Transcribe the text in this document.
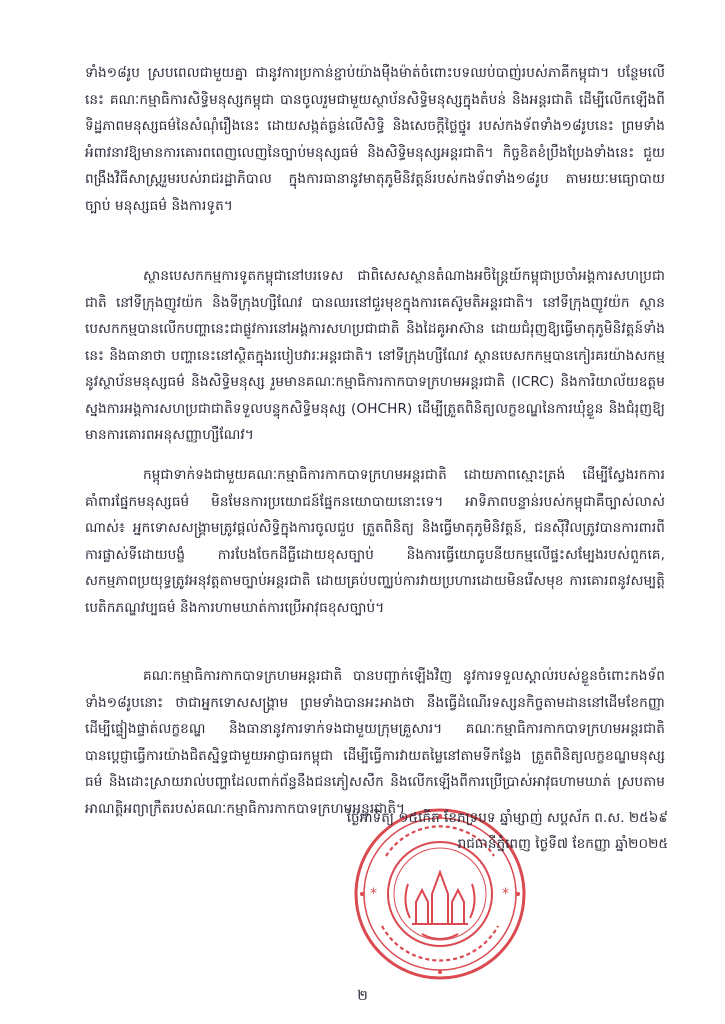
ទាំង១៨រូប ស្របពេលជាមួយគ្នា ជានូវការប្រកាន់ខ្ជាប់យ៉ាងម៉ឺងម៉ាត់ចំពោះបទឈប់បាញ់របស់ភាគីកម្ពុជា។ បន្ថែមលើនេះ គណៈកម្មាធិការសិទ្ធិមនុស្សកម្ពុជា បានចូលរួមជាមួយស្ថាប័នសិទ្ធិមនុស្សក្នុងតំបន់ និងអន្តរជាតិ ដើម្បីលើកឡើងពីទិដ្ឋភាពមនុស្សធម៌នៃសំណុំរឿងនេះ ដោយសង្កត់ធ្ងន់លើសិទ្ធិ និងសេចក្តីថ្លៃថ្នូរ របស់កងទ័ពទាំង១៨រូបនេះ ព្រមទាំងអំពាវនាវឱ្យមានការគោរពពេញលេញនៃច្បាប់មនុស្សធម៌ និងសិទ្ធិមនុស្សអន្តរជាតិ។ កិច្ចខិតខំប្រឹងប្រែងទាំងនេះ ជួយពង្រឹងវិធីសាស្រ្តរួមរបស់រាជរដ្ឋាភិបាល ក្នុងការធានានូវមាតុភូមិនិវត្តន៍របស់កងទ័ពទាំង១៨រូប តាមរយៈមធ្យោបាយច្បាប់ មនុស្សធម៌ និងការទូត។

ស្ថានបេសកកម្មការទូតកម្ពុជានៅបរទេស ជាពិសេសស្ថានតំណាងអចិន្ត្រៃយ៍កម្ពុជាប្រចាំអង្គការសហប្រជាជាតិ នៅទីក្រុងញូវយ៉ក និងទីក្រុងហ្សឺណែវ បានឈរនៅជួរមុខក្នុងការគេស៊ូមតិអន្តរជាតិ។ នៅទីក្រុងញូវយ៉ក ស្ថានបេសកកម្មបានលើកបញ្ហានេះជាផ្លូវការនៅអង្គការសហប្រជាជាតិ និងដៃគូអាស៊ាន ដោយជំរុញឱ្យធ្វើមាតុភូមិនិវត្តន៍ទាំងនេះ និងធានាថា បញ្ហានេះនៅស្ថិតក្នុងរបៀបវារៈអន្តរជាតិ។ នៅទីក្រុងហ្សឺណែវ ស្ថានបេសកកម្មបានកៀរគរយ៉ាងសកម្មនូវស្ថាប័នមនុស្សធម៌ និងសិទ្ធិមនុស្ស រួមមានគណៈកម្មាធិការកាកបាទក្រហមអន្តរជាតិ (ICRC) និងការិយាល័យឧត្តមស្នងការអង្គការសហប្រជាជាតិទទួលបន្ទុកសិទ្ធិមនុស្ស (OHCHR) ដើម្បីត្រួតពិនិត្យលក្ខខណ្ឌនៃការឃុំខ្លួន និងជំរុញឱ្យមានការគោរពអនុសញ្ញាហ្សឺណែវ។

កម្ពុជាទាក់ទងជាមួយគណៈកម្មាធិការកាកបាទក្រហមអន្តរជាតិ ដោយភាពស្មោះត្រង់ ដើម្បីស្វែងរកការគាំពារផ្នែកមនុស្សធម៌ មិនមែនការប្រយោជន៍ផ្នែកនយោបាយនោះទេ។ អាទិភាពបន្ទាន់របស់កម្ពុជាគឺច្បាស់លាស់ណាស់៖ អ្នកទោសសង្គ្រាមត្រូវផ្តល់សិទ្ធិក្នុងការចូលជួប ត្រួតពិនិត្យ និងធ្វើមាតុភូមិនិវត្តន៍, ជនស៊ីវិលត្រូវបានការពារពីការផ្លាស់ទីដោយបង្ខំ ការបែងចែកដីធ្លីដោយខុសច្បាប់ និងការធ្វើយោធូបនីយកម្មលើផ្ទះសម្បែងរបស់ពួកគេ, សកម្មភាពប្រយុទ្ធត្រូវអនុវត្តតាមច្បាប់អន្តរជាតិ ដោយគ្រប់បញ្ឈប់ការវាយប្រហារដោយមិនរើសមុខ ការគោរពនូវសម្បត្តិបេតិកភណ្ឌវប្បធម៌ និងការហាមឃាត់ការប្រើអាវុធខុសច្បាប់។

គណៈកម្មាធិការកាកបាទក្រហមអន្តរជាតិ បានបញ្ជាក់ឡើងវិញ នូវការទទួលស្គាល់របស់ខ្លួនចំពោះកងទ័ពទាំង១៨រូបនោះ ថាជាអ្នកទោសសង្គ្រាម ព្រមទាំងបានអះអាងថា នឹងធ្វើដំណើរទស្សនកិច្ចតាមដាននៅដើមខែកញ្ញា ដើម្បីផ្ទៀងផ្ទាត់លក្ខខណ្ឌ និងធានានូវការទាក់ទងជាមួយក្រុមគ្រួសារ។ គណៈកម្មាធិការកាកបាទក្រហមអន្តរជាតិ បានប្តេជ្ញាធ្វើការយ៉ាងជិតស្និទ្ធជាមួយអាជ្ញាធរកម្ពុជា ដើម្បីធ្វើការវាយតម្លៃនៅតាមទីកន្លែង ត្រួតពិនិត្យលក្ខខណ្ឌមនុស្សធម៌ និងដោះស្រាយរាល់បញ្ហាដែលពាក់ព័ន្ធនឹងជនភៀសសឹក និងលើកឡើងពីការប្រើប្រាស់អាវុធហាមឃាត់ ស្របតាមអាណត្តិអព្យាក្រឹតរបស់គណៈកម្មាធិការកាកបាទក្រហមអន្តរជាតិ។

*	*
ថ្ងៃអាទិត្យ ១៥កើត ខែភទ្របទ ឆ្នាំម្សាញ់ សប្តស័ក ព.ស. ២៥៦៩
រាជធានីភ្នំពេញ ថ្ងៃទី៧ ខែកញ្ញា ឆ្នាំ២០២៥
២
